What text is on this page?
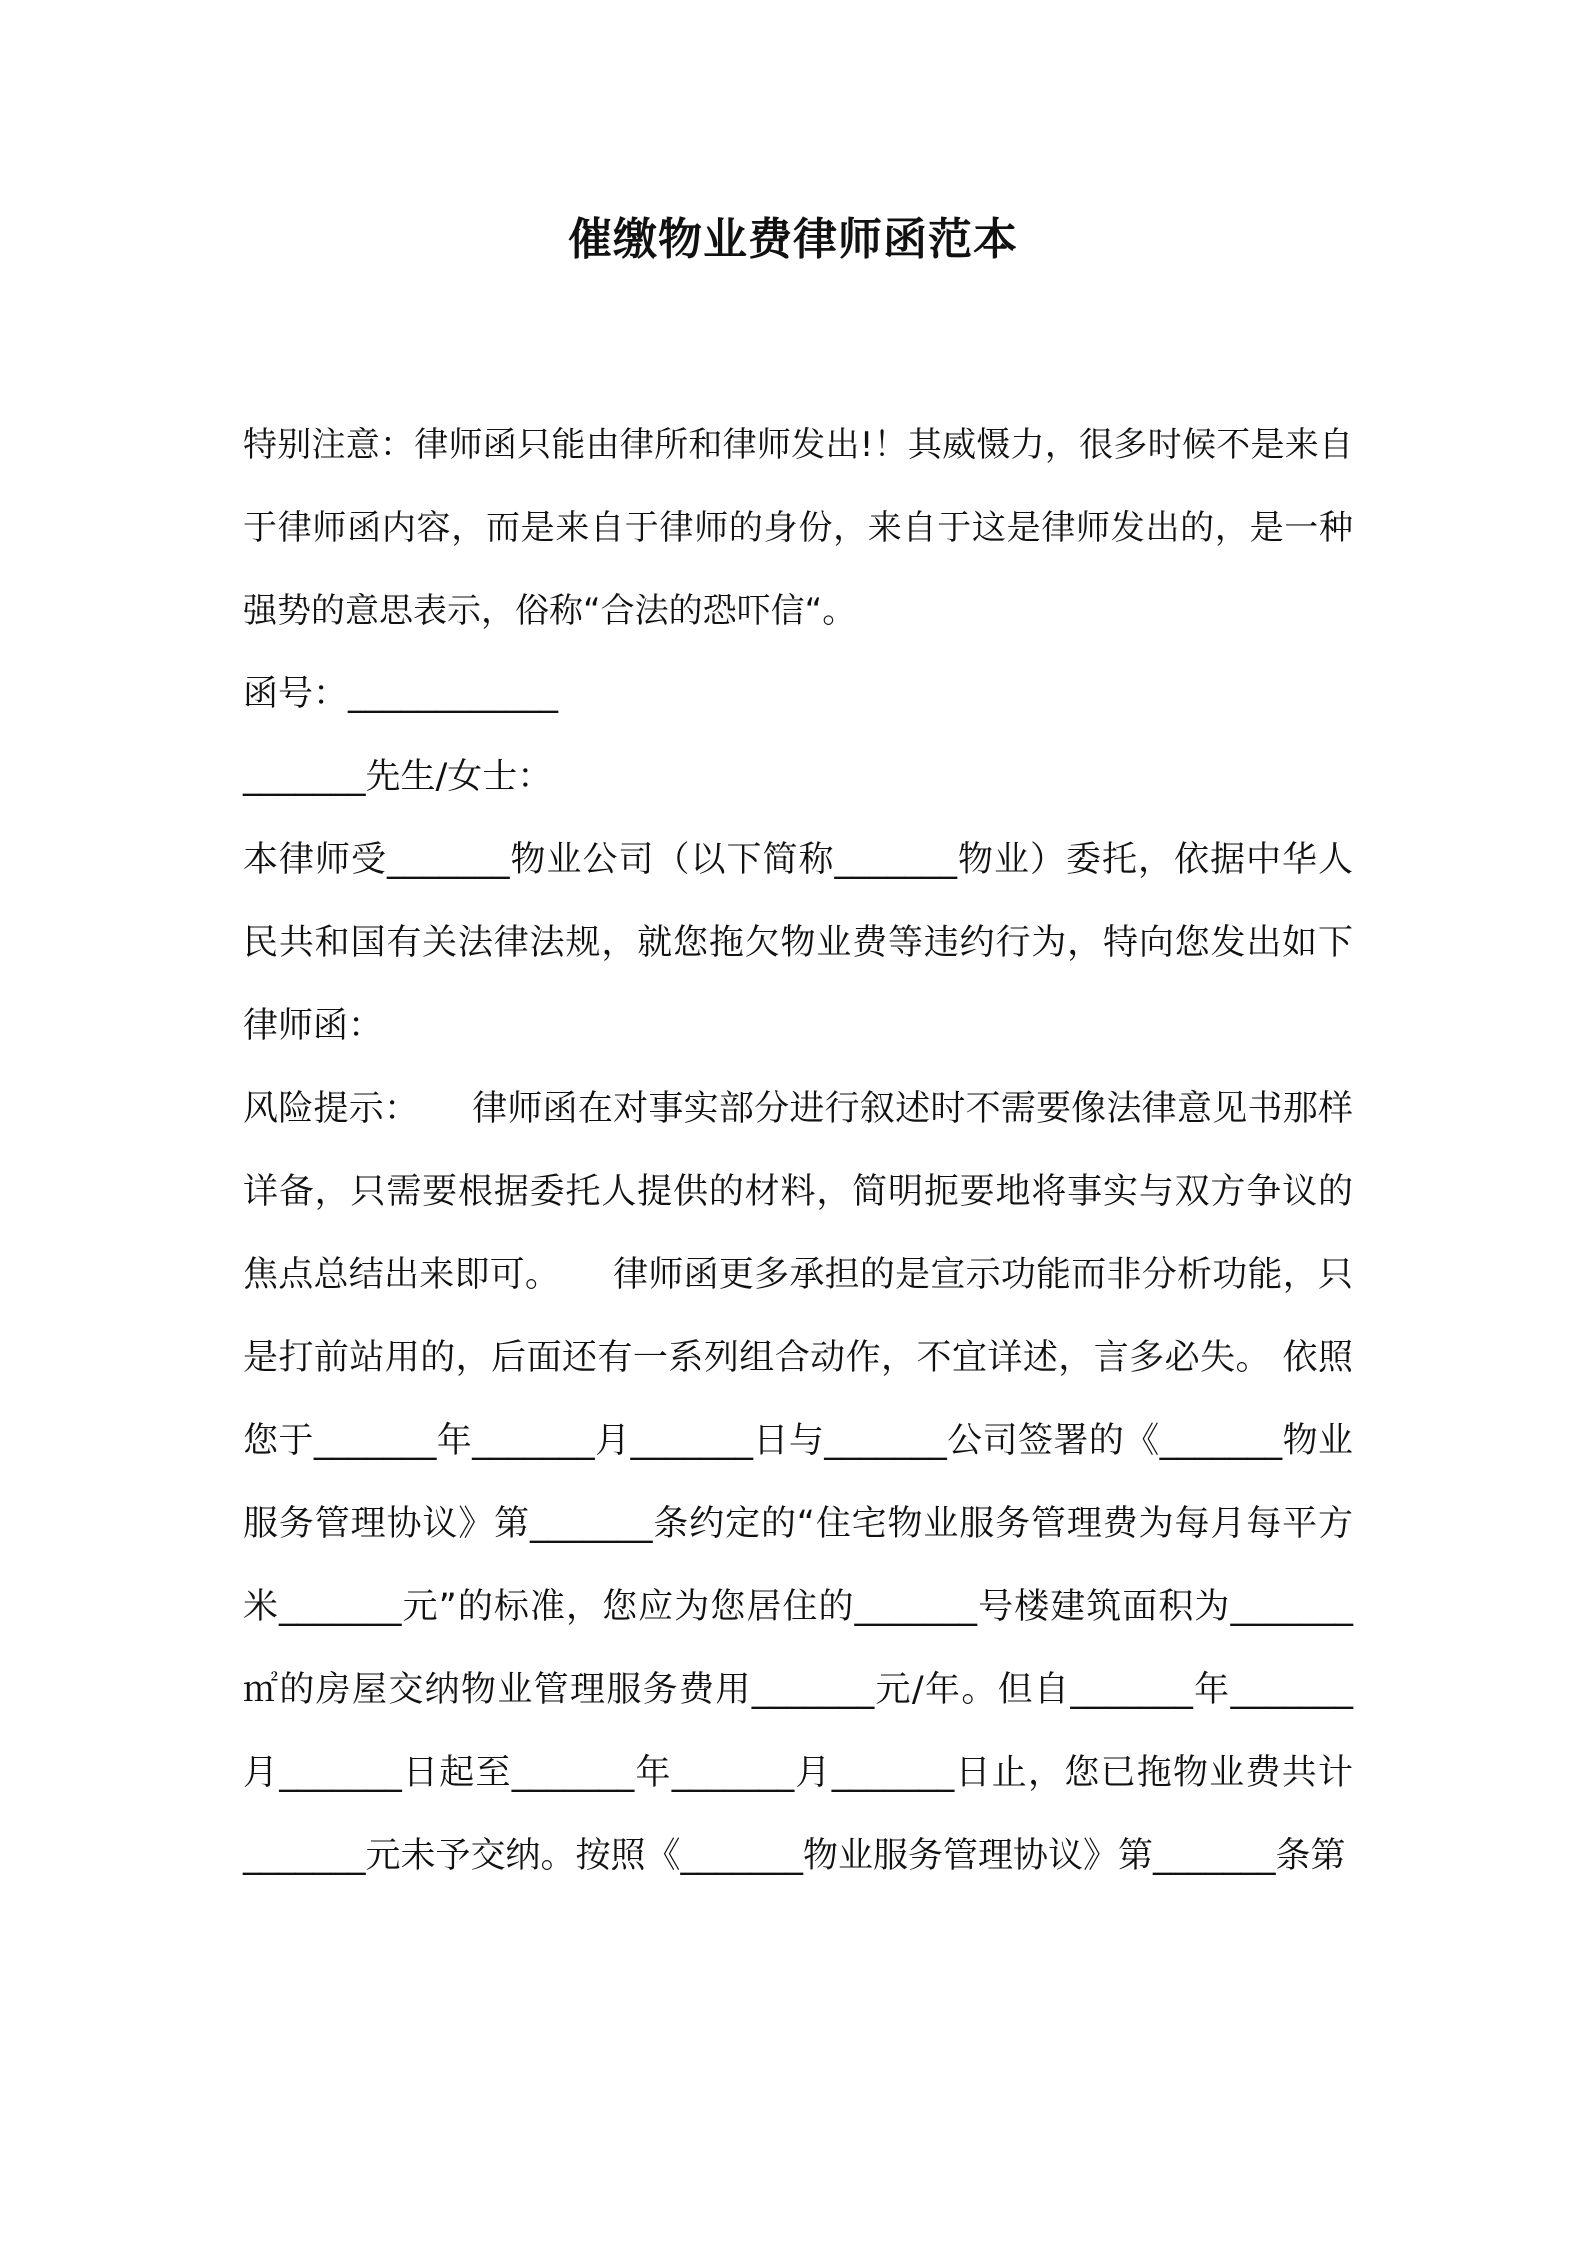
催缴物业费律师函范本

特别注意：律师函只能由律所和律师发出!！其威慑力，很多时候不是来自于律师函内容，而是来自于律师的身份，来自于这是律师发出的，是一种强势的意思表示，俗称“合法的恐吓信“。

函号：____________

_______先生/女士：

本律师受_______物业公司（以下简称_______物业）委托，依据中华人民共和国有关法律法规，就您拖欠物业费等违约行为，特向您发出如下律师函：

风险提示：　　律师函在对事实部分进行叙述时不需要像法律意见书那样详备，只需要根据委托人提供的材料，简明扼要地将事实与双方争议的焦点总结出来即可。　　律师函更多承担的是宣示功能而非分析功能，只是打前站用的，后面还有一系列组合动作，不宜详述，言多必失。 依照您于_______年_______月_______日与_______公司签署的《_______物业服务管理协议》第_______条约定的“住宅物业服务管理费为每月每平方米_______元”的标准，您应为您居住的_______号楼建筑面积为_______㎡的房屋交纳物业管理服务费用_______元/年。但自_______年_______月_______日起至_______年_______月_______日止，您已拖物业费共计_______元未予交纳。按照《_______物业服务管理协议》第_______条第
